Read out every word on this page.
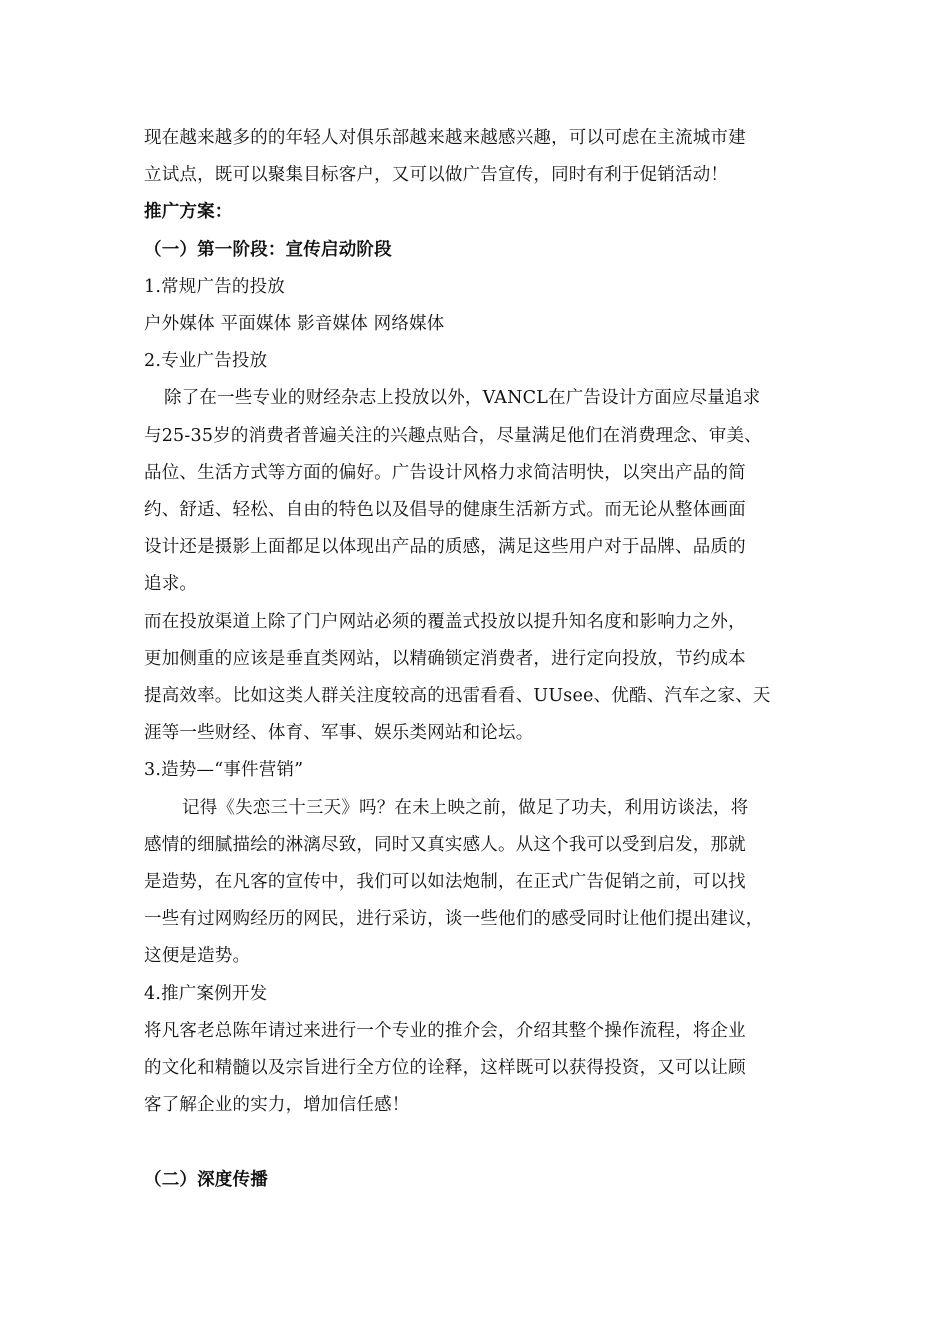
现在越来越多的的年轻人对俱乐部越来越来越感兴趣，可以可虑在主流城市建
立试点，既可以聚集目标客户，又可以做广告宣传，同时有利于促销活动！
推广方案：
（一）第一阶段：宣传启动阶段
1.常规广告的投放
户外媒体 平面媒体 影音媒体 网络媒体
2.专业广告投放
除了在一些专业的财经杂志上投放以外，VANCL在广告设计方面应尽量追求
与25-35岁的消费者普遍关注的兴趣点贴合，尽量满足他们在消费理念、审美、
品位、生活方式等方面的偏好。广告设计风格力求简洁明快，以突出产品的简
约、舒适、轻松、自由的特色以及倡导的健康生活新方式。而无论从整体画面
设计还是摄影上面都足以体现出产品的质感，满足这些用户对于品牌、品质的
追求。
而在投放渠道上除了门户网站必须的覆盖式投放以提升知名度和影响力之外，
更加侧重的应该是垂直类网站，以精确锁定消费者，进行定向投放，节约成本
提高效率。比如这类人群关注度较高的迅雷看看、UUsee、优酷、汽车之家、天
涯等一些财经、体育、军事、娱乐类网站和论坛。
3.造势—“事件营销”
记得《失恋三十三天》吗？在未上映之前，做足了功夫，利用访谈法，将
感情的细腻描绘的淋漓尽致，同时又真实感人。从这个我可以受到启发，那就
是造势，在凡客的宣传中，我们可以如法炮制，在正式广告促销之前，可以找
一些有过网购经历的网民，进行采访，谈一些他们的感受同时让他们提出建议，
这便是造势。
4.推广案例开发
将凡客老总陈年请过来进行一个专业的推介会，介绍其整个操作流程，将企业
的文化和精髓以及宗旨进行全方位的诠释，这样既可以获得投资，又可以让顾
客了解企业的实力，增加信任感！
（二）深度传播
